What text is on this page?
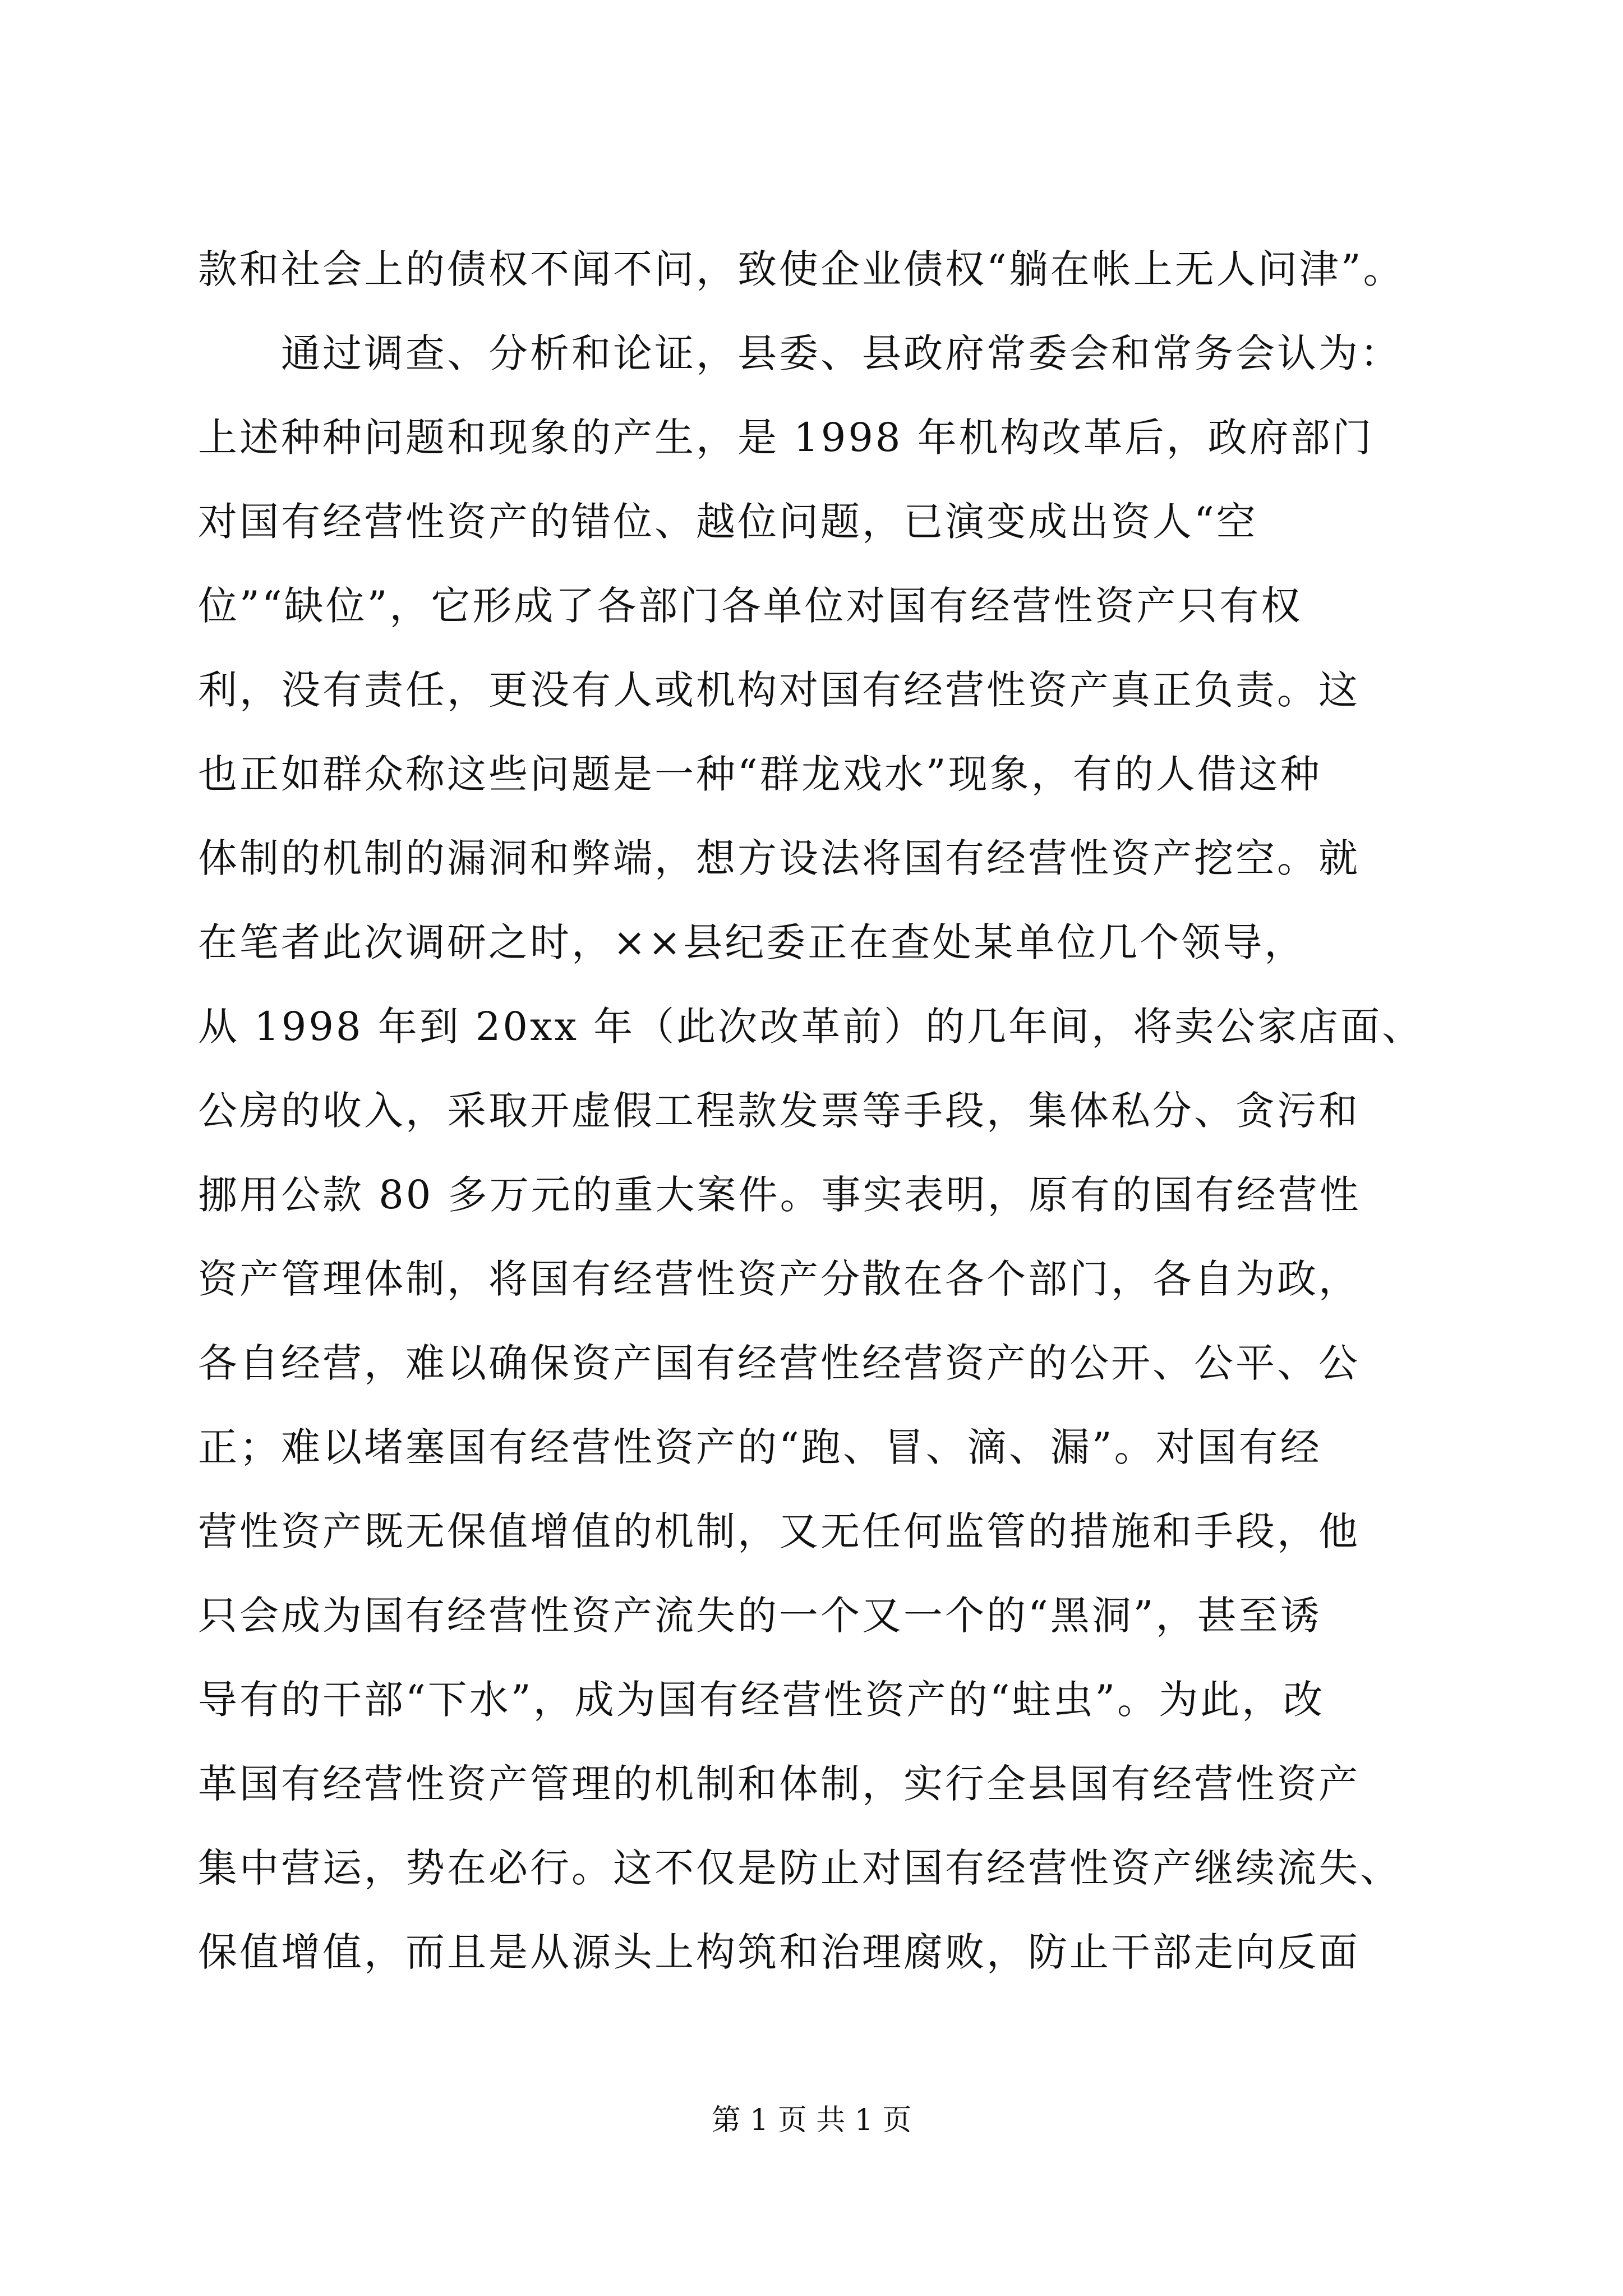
款和社会上的债权不闻不问，致使企业债权“躺在帐上无人问津”。
　　通过调查、分析和论证，县委、县政府常委会和常务会认为：
上述种种问题和现象的产生，是 1998 年机构改革后，政府部门
对国有经营性资产的错位、越位问题，已演变成出资人“空
位”“缺位”，它形成了各部门各单位对国有经营性资产只有权
利，没有责任，更没有人或机构对国有经营性资产真正负责。这
也正如群众称这些问题是一种“群龙戏水”现象，有的人借这种
体制的机制的漏洞和弊端，想方设法将国有经营性资产挖空。就
在笔者此次调研之时，××县纪委正在查处某单位几个领导，
从 1998 年到 20xx 年（此次改革前）的几年间，将卖公家店面、
公房的收入，采取开虚假工程款发票等手段，集体私分、贪污和
挪用公款 80 多万元的重大案件。事实表明，原有的国有经营性
资产管理体制，将国有经营性资产分散在各个部门，各自为政，
各自经营，难以确保资产国有经营性经营资产的公开、公平、公
正；难以堵塞国有经营性资产的“跑、冒、滴、漏”。对国有经
营性资产既无保值增值的机制，又无任何监管的措施和手段，他
只会成为国有经营性资产流失的一个又一个的“黑洞”，甚至诱
导有的干部“下水”，成为国有经营性资产的“蛀虫”。为此，改
革国有经营性资产管理的机制和体制，实行全县国有经营性资产
集中营运，势在必行。这不仅是防止对国有经营性资产继续流失、
保值增值，而且是从源头上构筑和治理腐败，防止干部走向反面
第 1 页 共 1 页
